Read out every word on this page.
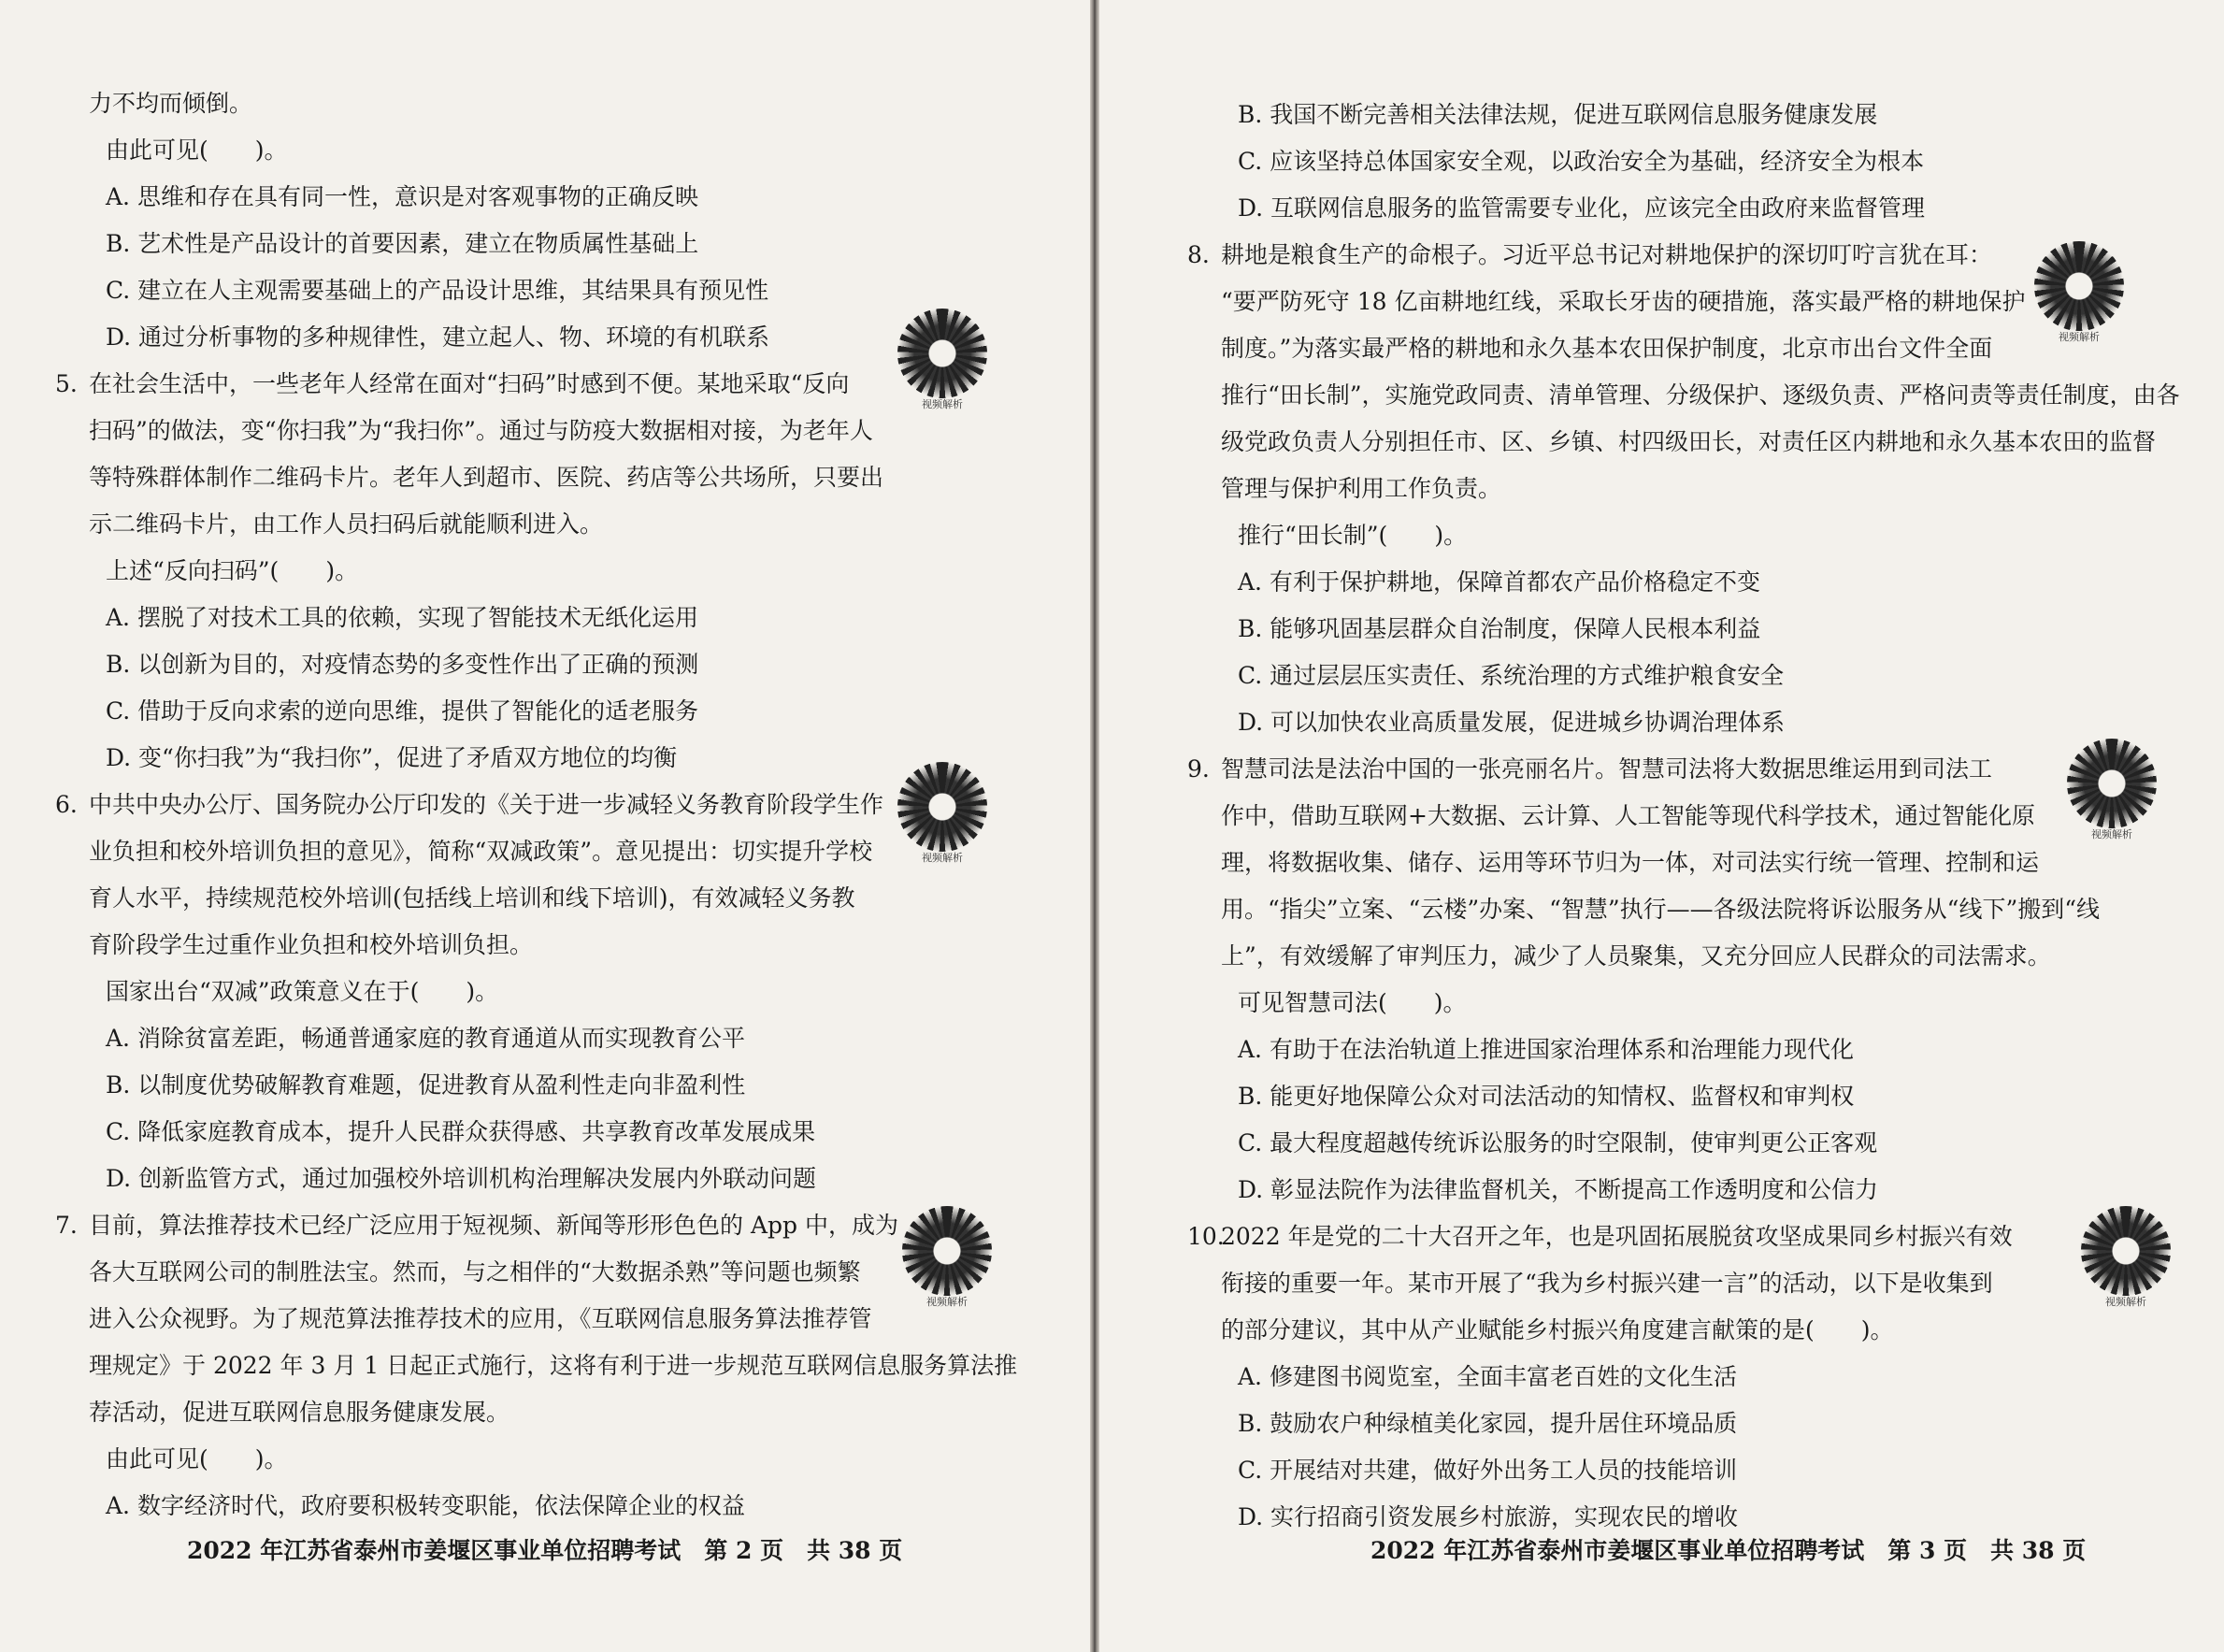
力不均而倾倒。
由此可见(　　)。
A. 思维和存在具有同一性，意识是对客观事物的正确反映
B. 艺术性是产品设计的首要因素，建立在物质属性基础上
C. 建立在人主观需要基础上的产品设计思维，其结果具有预见性
D. 通过分析事物的多种规律性，建立起人、物、环境的有机联系
5. 在社会生活中，一些老年人经常在面对“扫码”时感到不便。某地采取“反向
扫码”的做法，变“你扫我”为“我扫你”。通过与防疫大数据相对接，为老年人
等特殊群体制作二维码卡片。老年人到超市、医院、药店等公共场所，只要出
示二维码卡片，由工作人员扫码后就能顺利进入。
上述“反向扫码”(　　)。
A. 摆脱了对技术工具的依赖，实现了智能技术无纸化运用
B. 以创新为目的，对疫情态势的多变性作出了正确的预测
C. 借助于反向求索的逆向思维，提供了智能化的适老服务
D. 变“你扫我”为“我扫你”，促进了矛盾双方地位的均衡
6. 中共中央办公厅、国务院办公厅印发的《关于进一步减轻义务教育阶段学生作
业负担和校外培训负担的意见》，简称“双减政策”。意见提出：切实提升学校
育人水平，持续规范校外培训(包括线上培训和线下培训)，有效减轻义务教
育阶段学生过重作业负担和校外培训负担。
国家出台“双减”政策意义在于(　　)。
A. 消除贫富差距，畅通普通家庭的教育通道从而实现教育公平
B. 以制度优势破解教育难题，促进教育从盈利性走向非盈利性
C. 降低家庭教育成本，提升人民群众获得感、共享教育改革发展成果
D. 创新监管方式，通过加强校外培训机构治理解决发展内外联动问题
7. 目前，算法推荐技术已经广泛应用于短视频、新闻等形形色色的 App 中，成为
各大互联网公司的制胜法宝。然而，与之相伴的“大数据杀熟”等问题也频繁
进入公众视野。为了规范算法推荐技术的应用，《互联网信息服务算法推荐管
理规定》于 2022 年 3 月 1 日起正式施行，这将有利于进一步规范互联网信息服务算法推
荐活动，促进互联网信息服务健康发展。
由此可见(　　)。
A. 数字经济时代，政府要积极转变职能，依法保障企业的权益
视频解析
视频解析
视频解析
2022 年江苏省泰州市姜堰区事业单位招聘考试　第 2 页　共 38 页
B. 我国不断完善相关法律法规，促进互联网信息服务健康发展
C. 应该坚持总体国家安全观，以政治安全为基础，经济安全为根本
D. 互联网信息服务的监管需要专业化，应该完全由政府来监督管理
8. 耕地是粮食生产的命根子。习近平总书记对耕地保护的深切叮咛言犹在耳：
“要严防死守 18 亿亩耕地红线，采取长牙齿的硬措施，落实最严格的耕地保护
制度。”为落实最严格的耕地和永久基本农田保护制度，北京市出台文件全面
推行“田长制”，实施党政同责、清单管理、分级保护、逐级负责、严格问责等责任制度，由各
级党政负责人分别担任市、区、乡镇、村四级田长，对责任区内耕地和永久基本农田的监督
管理与保护利用工作负责。
推行“田长制”(　　)。
A. 有利于保护耕地，保障首都农产品价格稳定不变
B. 能够巩固基层群众自治制度，保障人民根本利益
C. 通过层层压实责任、系统治理的方式维护粮食安全
D. 可以加快农业高质量发展，促进城乡协调治理体系
9. 智慧司法是法治中国的一张亮丽名片。智慧司法将大数据思维运用到司法工
作中，借助互联网+大数据、云计算、人工智能等现代科学技术，通过智能化原
理，将数据收集、储存、运用等环节归为一体，对司法实行统一管理、控制和运
用。“指尖”立案、“云楼”办案、“智慧”执行——各级法院将诉讼服务从“线下”搬到“线
上”，有效缓解了审判压力，减少了人员聚集，又充分回应人民群众的司法需求。
可见智慧司法(　　)。
A. 有助于在法治轨道上推进国家治理体系和治理能力现代化
B. 能更好地保障公众对司法活动的知情权、监督权和审判权
C. 最大程度超越传统诉讼服务的时空限制，使审判更公正客观
D. 彰显法院作为法律监督机关，不断提高工作透明度和公信力
10.
2022 年是党的二十大召开之年，也是巩固拓展脱贫攻坚成果同乡村振兴有效
衔接的重要一年。某市开展了“我为乡村振兴建一言”的活动，以下是收集到
的部分建议，其中从产业赋能乡村振兴角度建言献策的是(　　)。
A. 修建图书阅览室，全面丰富老百姓的文化生活
B. 鼓励农户种绿植美化家园，提升居住环境品质
C. 开展结对共建，做好外出务工人员的技能培训
D. 实行招商引资发展乡村旅游，实现农民的增收
视频解析
视频解析
视频解析
2022 年江苏省泰州市姜堰区事业单位招聘考试　第 3 页　共 38 页
